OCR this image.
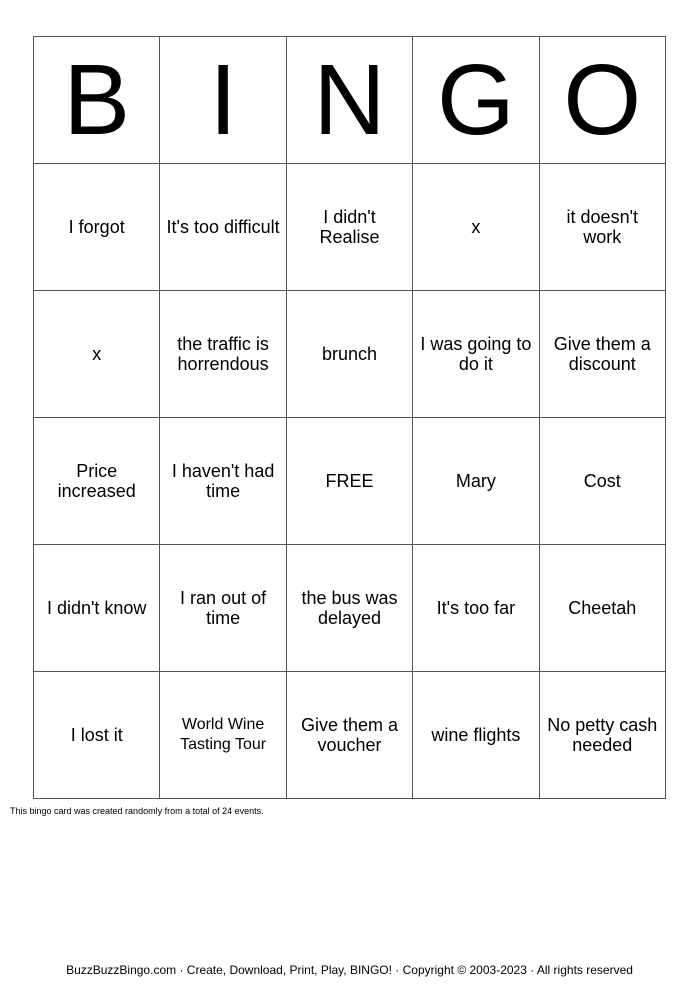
B	I	N	G	O
I forgot	It's too difficult	I didn't Realise	x	it doesn't work
x	the traffic is horrendous	brunch	I was going to do it	Give them a discount
Price increased	I haven't had time	FREE	Mary	Cost
I didn't know	I ran out of time	the bus was delayed	It's too far	Cheetah
I lost it	World Wine Tasting Tour	Give them a voucher	wine flights	No petty cash needed

This bingo card was created randomly from a total of 24 events.

BuzzBuzzBingo.com · Create, Download, Print, Play, BINGO! · Copyright © 2003-2023 · All rights reserved
